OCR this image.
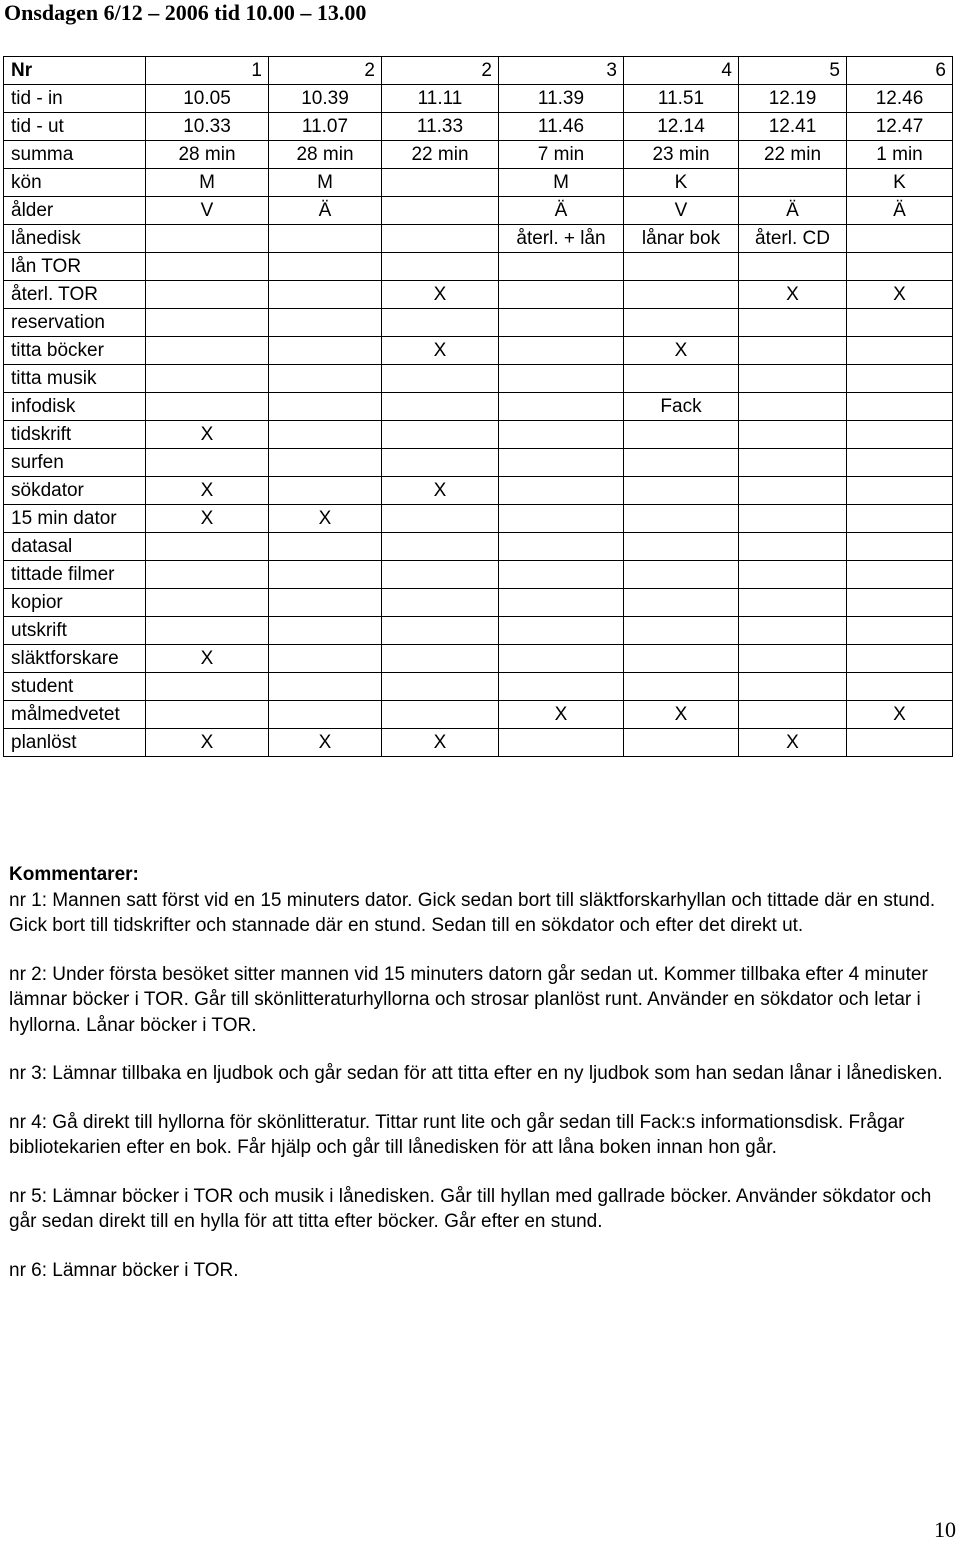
Onsdagen 6/12 – 2006 tid 10.00 – 13.00
Nr	1	2	2	3	4	5	6
tid - in	10.05	10.39	11.11	11.39	11.51	12.19	12.46
tid - ut	10.33	11.07	11.33	11.46	12.14	12.41	12.47
summa	28 min	28 min	22 min	7 min	23 min	22 min	1 min
kön	M	M		M	K		K
ålder	V	Ä		Ä	V	Ä	Ä
lånedisk				återl. + lån	lånar bok	återl. CD	
lån TOR							
återl. TOR			X			X	X
reservation							
titta böcker			X		X		
titta musik							
infodisk					Fack		
tidskrift	X						
surfen							
sökdator	X		X				
15 min dator	X	X					
datasal							
tittade filmer							
kopior							
utskrift							
släktforskare	X						
student							
målmedvetet				X	X		X
planlöst	X	X	X			X	
Kommentarer:

nr 1: Mannen satt först vid en 15 minuters dator. Gick sedan bort till släktforskarhyllan och tittade där en stund. Gick bort till tidskrifter och stannade där en stund. Sedan till en sökdator och efter det direkt ut.

nr 2: Under första besöket sitter mannen vid 15 minuters datorn går sedan ut. Kommer tillbaka efter 4 minuter lämnar böcker i TOR. Går till skönlitteraturhyllorna och strosar planlöst runt. Använder en sökdator och letar i hyllorna. Lånar böcker i TOR.

nr 3: Lämnar tillbaka en ljudbok och går sedan för att titta efter en ny ljudbok som han sedan lånar i lånedisken.

nr 4: Gå direkt till hyllorna för skönlitteratur. Tittar runt lite och går sedan till Fack:s informationsdisk. Frågar bibliotekarien efter en bok. Får hjälp och går till lånedisken för att låna boken innan hon går.

nr 5: Lämnar böcker i TOR och musik i lånedisken. Går till hyllan med gallrade böcker. Använder sökdator och går sedan direkt till en hylla för att titta efter böcker. Går efter en stund.

nr 6: Lämnar böcker i TOR.

10
